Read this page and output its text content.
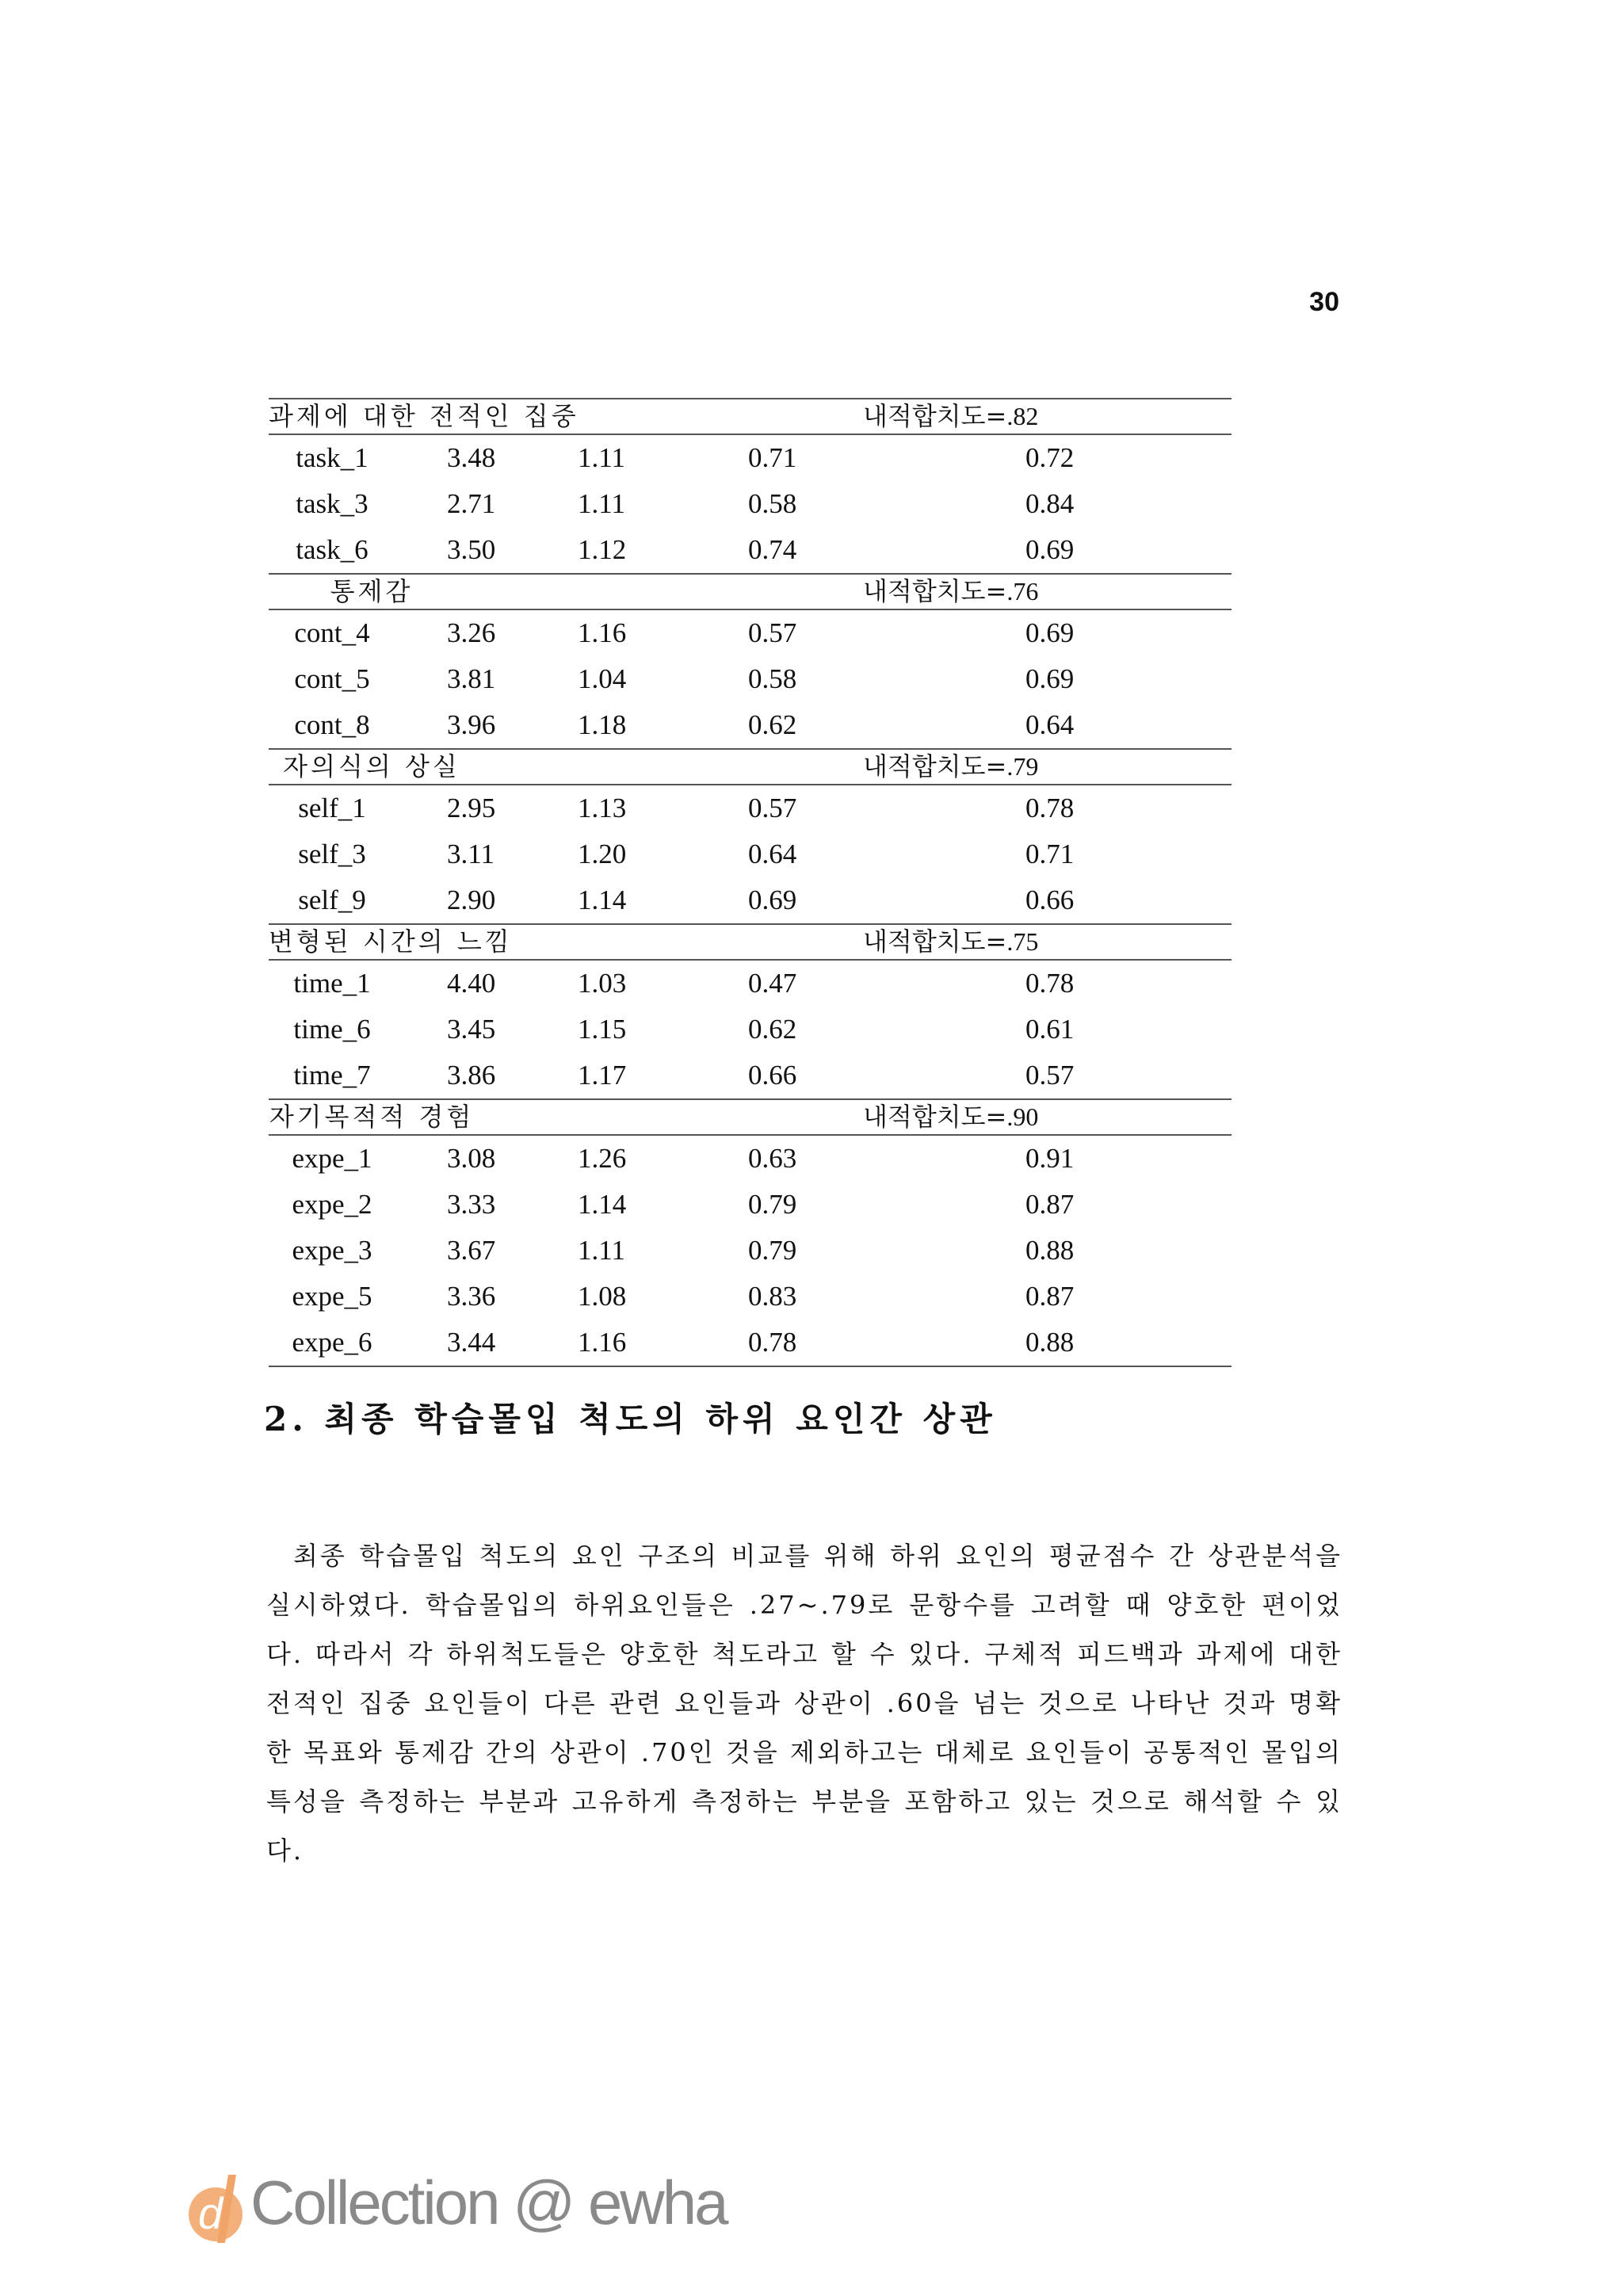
30
과제에 대한 전적인 집중	내적합치도=.82
task_1	3.48	1.11	0.71	0.72
task_3	2.71	1.11	0.58	0.84
task_6	3.50	1.12	0.74	0.69
통제감	내적합치도=.76
cont_4	3.26	1.16	0.57	0.69
cont_5	3.81	1.04	0.58	0.69
cont_8	3.96	1.18	0.62	0.64
자의식의 상실	내적합치도=.79
self_1	2.95	1.13	0.57	0.78
self_3	3.11	1.20	0.64	0.71
self_9	2.90	1.14	0.69	0.66
변형된 시간의 느낌	내적합치도=.75
time_1	4.40	1.03	0.47	0.78
time_6	3.45	1.15	0.62	0.61
time_7	3.86	1.17	0.66	0.57
자기목적적 경험	내적합치도=.90
expe_1	3.08	1.26	0.63	0.91
expe_2	3.33	1.14	0.79	0.87
expe_3	3.67	1.11	0.79	0.88
expe_5	3.36	1.08	0.83	0.87
expe_6	3.44	1.16	0.78	0.88
2. 최종 학습몰입 척도의 하위 요인간 상관

최종 학습몰입 척도의 요인 구조의 비교를 위해 하위 요인의 평균점수 간 상관분석을 실시하였다. 학습몰입의 하위요인들은 .27~.79로 문항수를 고려할 때 양호한 편이었다. 따라서 각 하위척도들은 양호한 척도라고 할 수 있다. 구체적 피드백과 과제에 대한 전적인 집중 요인들이 다른 관련 요인들과 상관이 .60을 넘는 것으로 나타난 것과 명확한 목표와 통제감 간의 상관이 .70인 것을 제외하고는 대체로 요인들이 공통적인 몰입의 특성을 측정하는 부분과 고유하게 측정하는 부분을 포함하고 있는 것으로 해석할 수 있다.

d Collection @ ewha
